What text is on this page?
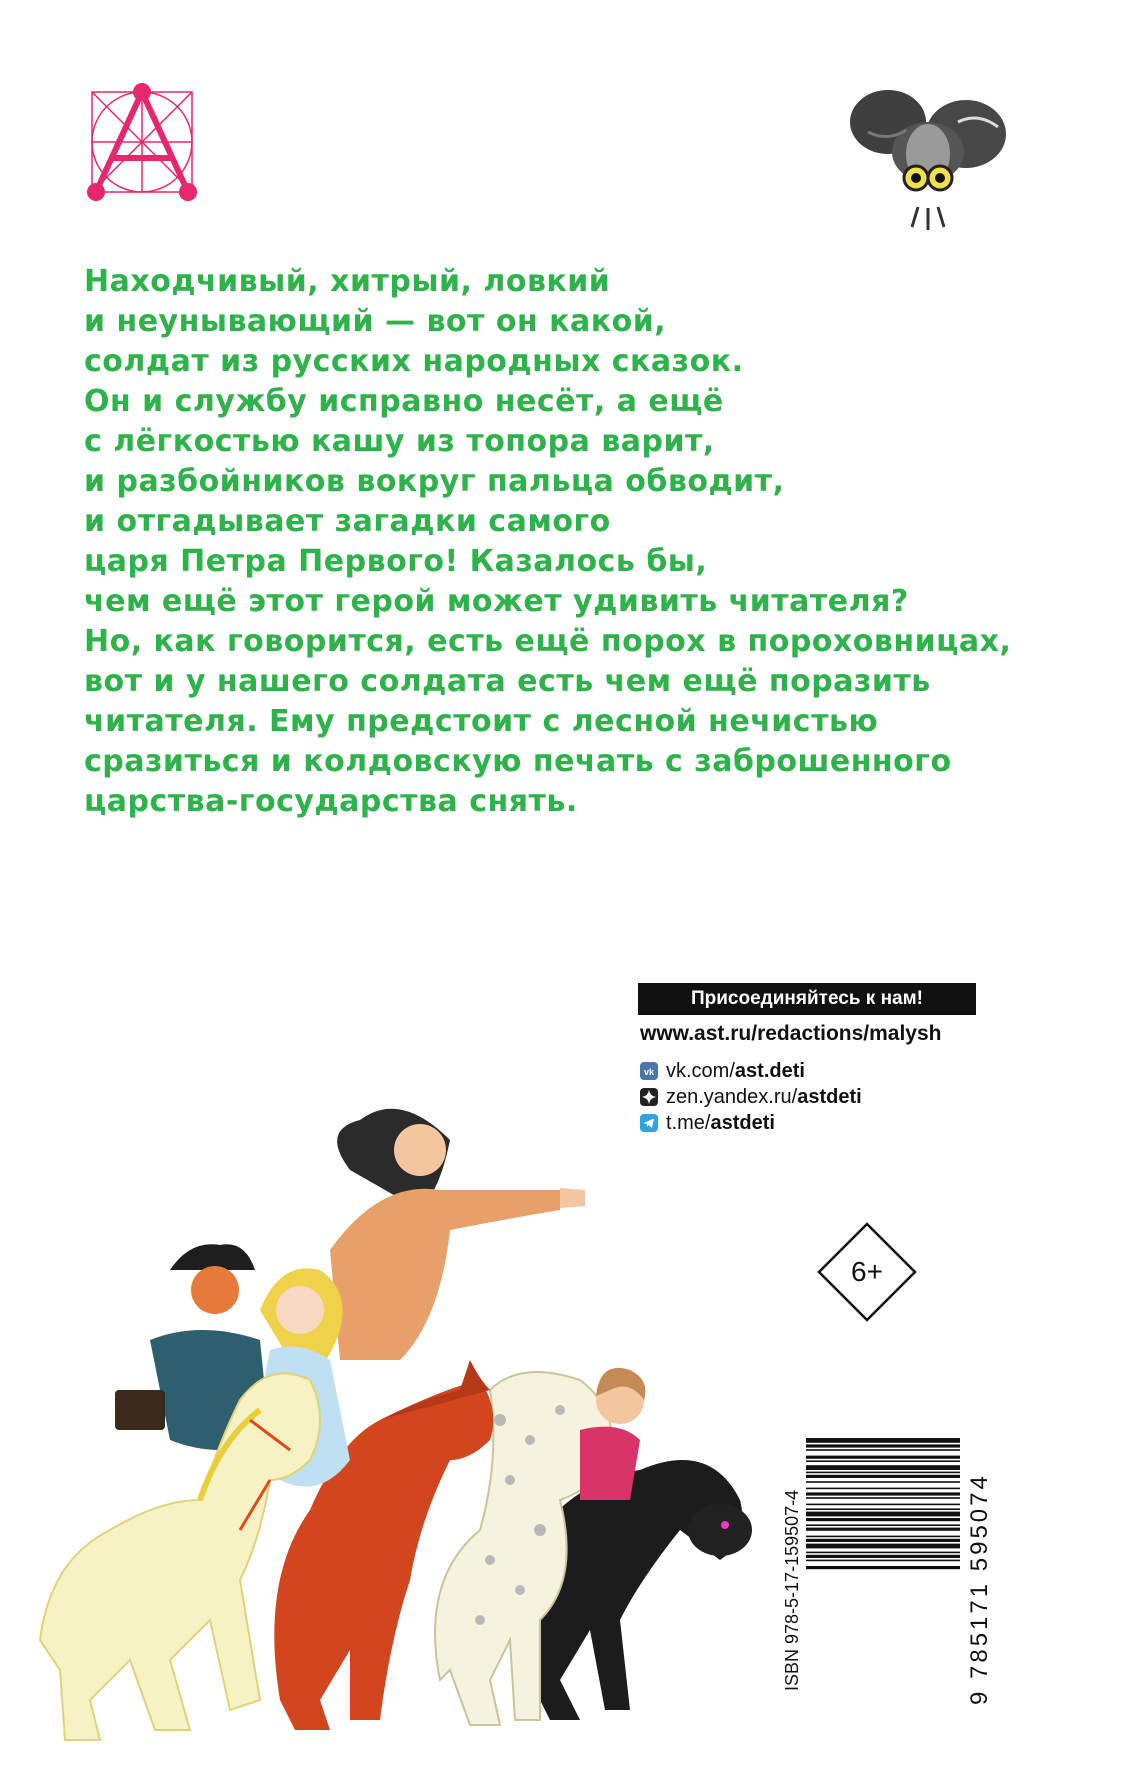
Находчивый, хитрый, ловкий
и неунывающий — вот он какой,
солдат из русских народных сказок.
Он и службу исправно несёт, а ещё
с лёгкостью кашу из топора варит,
и разбойников вокруг пальца обводит,
и отгадывает загадки самого
царя Петра Первого! Казалось бы,
чем ещё этот герой может удивить читателя?
Но, как говорится, есть ещё порох в пороховницах,
вот и у нашего солдата есть чем ещё поразить
читателя. Ему предстоит с лесной нечистью
сразиться и колдовскую печать с заброшенного
царства-государства снять.
Присоединяйтесь к нам!
www.ast.ru/redactions/malysh
vk vk.com/ ast.deti
zen.yandex.ru/ astdeti
t.me/ astdeti
6+
ISBN 978-5-17-159507-4	9 785171 595074
